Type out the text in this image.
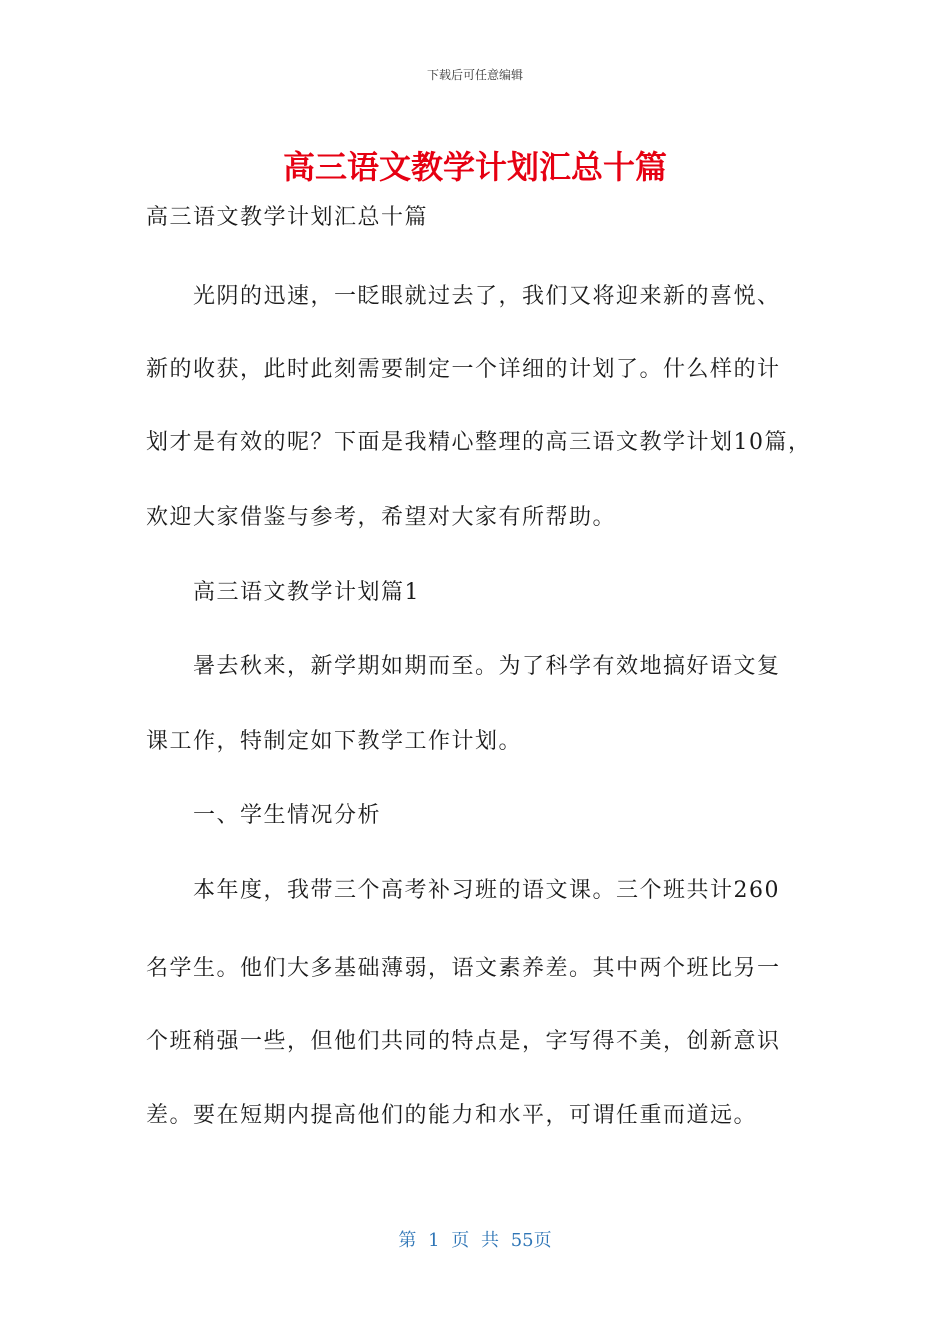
下载后可任意编辑
高三语文教学计划汇总十篇
高三语文教学计划汇总十篇
光阴的迅速，一眨眼就过去了，我们又将迎来新的喜悦、
新的收获，此时此刻需要制定一个详细的计划了。什么样的计
划才是有效的呢？下面是我精心整理的高三语文教学计划10篇，
欢迎大家借鉴与参考，希望对大家有所帮助。
高三语文教学计划篇1
暑去秋来，新学期如期而至。为了科学有效地搞好语文复
课工作，特制定如下教学工作计划。
一、学生情况分析
本年度，我带三个高考补习班的语文课。三个班共计260
名学生。他们大多基础薄弱，语文素养差。其中两个班比另一
个班稍强一些，但他们共同的特点是，字写得不美，创新意识
差。要在短期内提高他们的能力和水平，可谓任重而道远。
第 1 页 共 55页
